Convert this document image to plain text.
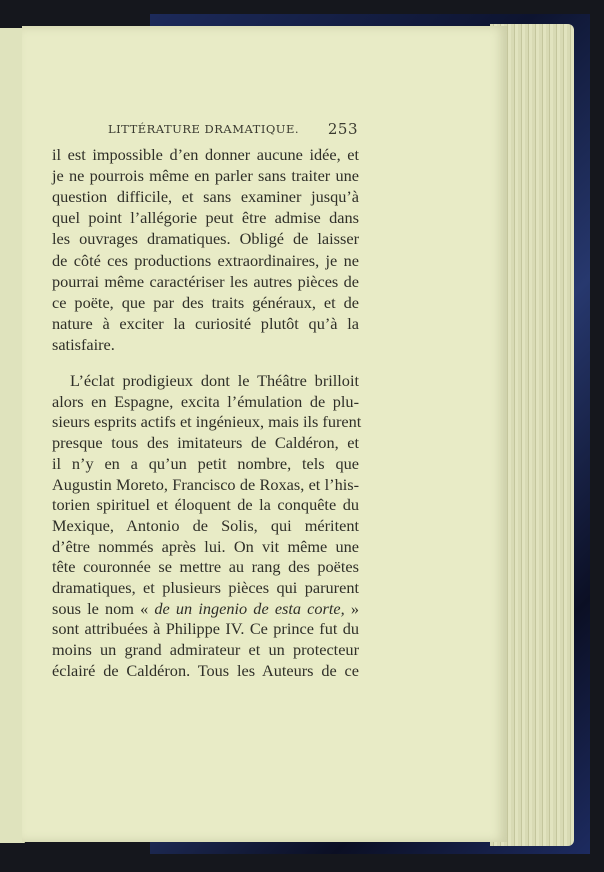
LITTÉRATURE DRAMATIQUE. 253
il est impossible d’en donner aucune idée, et
je ne pourrois même en parler sans traiter une
question difficile, et sans examiner jusqu’à
quel point l’allégorie peut être admise dans
les ouvrages dramatiques. Obligé de laisser
de côté ces productions extraordinaires, je ne
pourrai même caractériser les autres pièces de
ce poëte, que par des traits généraux, et de
nature à exciter la curiosité plutôt qu’à la
satisfaire.
L’éclat prodigieux dont le Théâtre brilloit
alors en Espagne, excita l’émulation de plu-
sieurs esprits actifs et ingénieux, mais ils furent
presque tous des imitateurs de Caldéron, et
il n’y en a qu’un petit nombre, tels que
Augustin Moreto, Francisco de Roxas, et l’his-
torien spirituel et éloquent de la conquête du
Mexique, Antonio de Solis, qui méritent
d’être nommés après lui. On vit même une
tête couronnée se mettre au rang des poëtes
dramatiques, et plusieurs pièces qui parurent
sous le nom « de un ingenio de esta corte, »
sont attribuées à Philippe IV. Ce prince fut du
moins un grand admirateur et un protecteur
éclairé de Caldéron. Tous les Auteurs de ce
